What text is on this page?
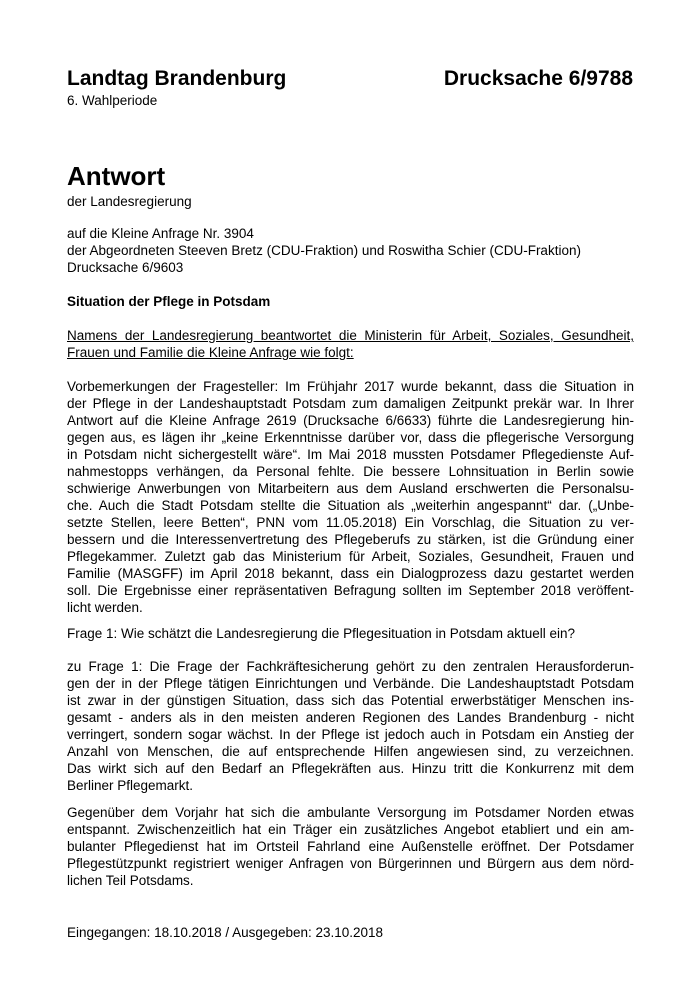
Landtag Brandenburg	Drucksache 6/9788
6. Wahlperiode
Antwort
der Landesregierung
auf die Kleine Anfrage Nr. 3904
der Abgeordneten Steeven Bretz (CDU-Fraktion) und Roswitha Schier (CDU-Fraktion)
Drucksache 6/9603
Situation der Pflege in Potsdam
Namens der Landesregierung beantwortet die Ministerin für Arbeit, Soziales, Gesundheit,
Frauen und Familie die Kleine Anfrage wie folgt:
Vorbemerkungen der Fragesteller: Im Frühjahr 2017 wurde bekannt, dass die Situation in
der Pflege in der Landeshauptstadt Potsdam zum damaligen Zeitpunkt prekär war. In Ihrer
Antwort auf die Kleine Anfrage 2619 (Drucksache 6/6633) führte die Landesregierung hin-
gegen aus, es lägen ihr „keine Erkenntnisse darüber vor, dass die pflegerische Versorgung
in Potsdam nicht sichergestellt wäre“. Im Mai 2018 mussten Potsdamer Pflegedienste Auf-
nahmestopps verhängen, da Personal fehlte. Die bessere Lohnsituation in Berlin sowie
schwierige Anwerbungen von Mitarbeitern aus dem Ausland erschwerten die Personalsu-
che. Auch die Stadt Potsdam stellte die Situation als „weiterhin angespannt“ dar. („Unbe-
setzte Stellen, leere Betten“, PNN vom 11.05.2018) Ein Vorschlag, die Situation zu ver-
bessern und die Interessenvertretung des Pflegeberufs zu stärken, ist die Gründung einer
Pflegekammer. Zuletzt gab das Ministerium für Arbeit, Soziales, Gesundheit, Frauen und
Familie (MASGFF) im April 2018 bekannt, dass ein Dialogprozess dazu gestartet werden
soll. Die Ergebnisse einer repräsentativen Befragung sollten im September 2018 veröffent-
licht werden.
Frage 1: Wie schätzt die Landesregierung die Pflegesituation in Potsdam aktuell ein?
zu Frage 1: Die Frage der Fachkräftesicherung gehört zu den zentralen Herausforderun-
gen der in der Pflege tätigen Einrichtungen und Verbände. Die Landeshauptstadt Potsdam
ist zwar in der günstigen Situation, dass sich das Potential erwerbstätiger Menschen ins-
gesamt - anders als in den meisten anderen Regionen des Landes Brandenburg - nicht
verringert, sondern sogar wächst. In der Pflege ist jedoch auch in Potsdam ein Anstieg der
Anzahl von Menschen, die auf entsprechende Hilfen angewiesen sind, zu verzeichnen.
Das wirkt sich auf den Bedarf an Pflegekräften aus. Hinzu tritt die Konkurrenz mit dem
Berliner Pflegemarkt.
Gegenüber dem Vorjahr hat sich die ambulante Versorgung im Potsdamer Norden etwas
entspannt. Zwischenzeitlich hat ein Träger ein zusätzliches Angebot etabliert und ein am-
bulanter Pflegedienst hat im Ortsteil Fahrland eine Außenstelle eröffnet. Der Potsdamer
Pflegestützpunkt registriert weniger Anfragen von Bürgerinnen und Bürgern aus dem nörd-
lichen Teil Potsdams.
Eingegangen: 18.10.2018 / Ausgegeben: 23.10.2018
